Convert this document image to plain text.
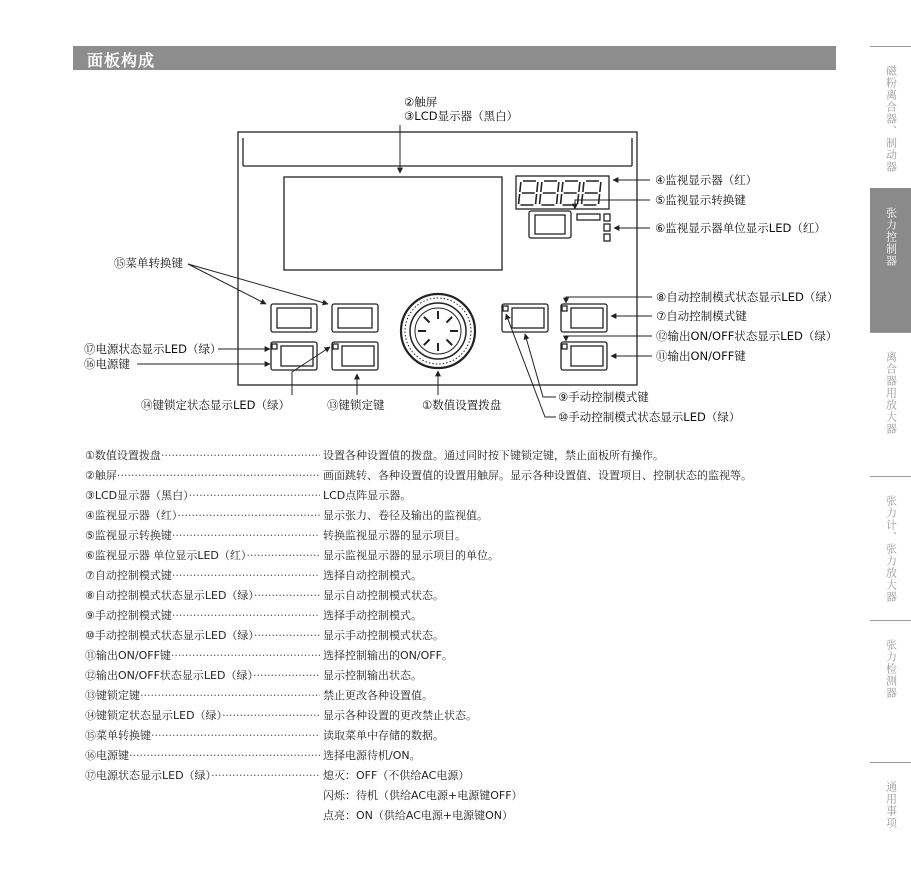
面板构成
磁粉离合器、制动器
张力控制器
离合器用放大器
张力计、张力放大器
张力检测器
通用事项
②触屏
③LCD显示器（黑白）
④监视显示器（红）
⑤监视显示转换键
⑥监视显示器单位显示LED（红）
⑮菜单转换键
⑧自动控制模式状态显示LED（绿）
⑦自动控制模式键
⑫输出ON/OFF状态显示LED（绿）
⑰电源状态显示LED（绿）
⑯电源键
⑪输出ON/OFF键
⑨手动控制模式键
⑭键锁定状态显示LED（绿）	⑬键锁定键	①数值设置拨盘
⑩手动控制模式状态显示LED（绿）
①数值设置拨盘 ·····	设置各种设置值的拨盘。通过同时按下键锁定键，禁止面板所有操作。
②触屏 ·····	画面跳转、各种设置值的设置用触屏。显示各种设置值、设置项目、控制状态的监视等。
③LCD显示器（黑白） ·····	LCD点阵显示器。
④监视显示器（红） ·····	显示张力、卷径及输出的监视值。
⑤监视显示转换键 ·····	转换监视显示器的显示项目。
⑥监视显示器 单位显示LED（红） ·····	显示监视显示器的显示项目的单位。
⑦自动控制模式键 ·····	选择自动控制模式。
⑧自动控制模式状态显示LED（绿） ·····	显示自动控制模式状态。
⑨手动控制模式键 ·····	选择手动控制模式。
⑩手动控制模式状态显示LED（绿） ·····	显示手动控制模式状态。
⑪输出ON/OFF键 ·····	选择控制输出的ON/OFF。
⑫输出ON/OFF状态显示LED（绿） ·····	显示控制输出状态。
⑬键锁定键 ·····	禁止更改各种设置值。
⑭键锁定状态显示LED（绿） ·····	显示各种设置的更改禁止状态。
⑮菜单转换键 ·····	读取菜单中存储的数据。
⑯电源键 ·····	选择电源待机/ON。
⑰电源状态显示LED（绿） ·····	熄灭：OFF（不供给AC电源）
闪烁：待机（供给AC电源+电源键OFF）
点亮：ON（供给AC电源+电源键ON）
